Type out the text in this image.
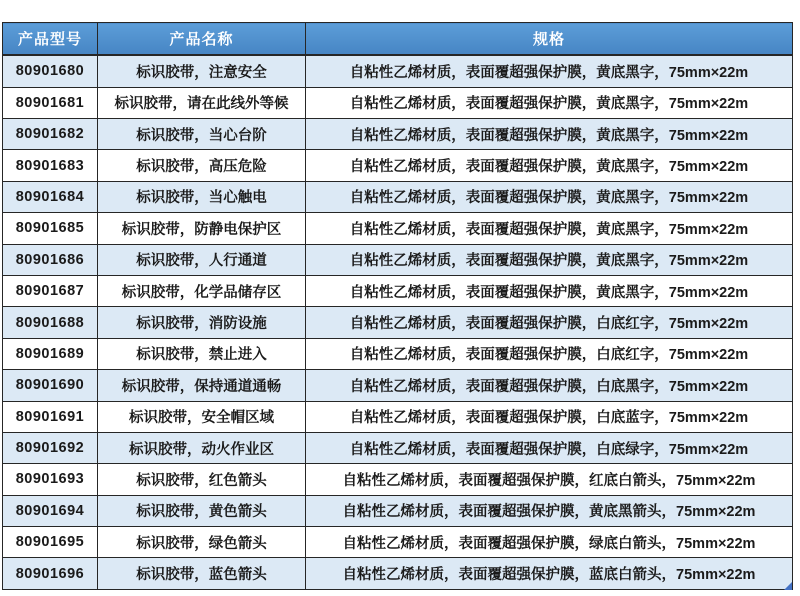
产品型号	产品名称	规格
80901680	标识胶带，注意安全	自粘性乙烯材质，表面覆超强保护膜，黄底黑字，75mm×22m
80901681	标识胶带，请在此线外等候	自粘性乙烯材质，表面覆超强保护膜，黄底黑字，75mm×22m
80901682	标识胶带，当心台阶	自粘性乙烯材质，表面覆超强保护膜，黄底黑字，75mm×22m
80901683	标识胶带，高压危险	自粘性乙烯材质，表面覆超强保护膜，黄底黑字，75mm×22m
80901684	标识胶带，当心触电	自粘性乙烯材质，表面覆超强保护膜，黄底黑字，75mm×22m
80901685	标识胶带，防静电保护区	自粘性乙烯材质，表面覆超强保护膜，黄底黑字，75mm×22m
80901686	标识胶带，人行通道	自粘性乙烯材质，表面覆超强保护膜，黄底黑字，75mm×22m
80901687	标识胶带，化学品储存区	自粘性乙烯材质，表面覆超强保护膜，黄底黑字，75mm×22m
80901688	标识胶带，消防设施	自粘性乙烯材质，表面覆超强保护膜，白底红字，75mm×22m
80901689	标识胶带，禁止进入	自粘性乙烯材质，表面覆超强保护膜，白底红字，75mm×22m
80901690	标识胶带，保持通道通畅	自粘性乙烯材质，表面覆超强保护膜，白底黑字，75mm×22m
80901691	标识胶带，安全帽区域	自粘性乙烯材质，表面覆超强保护膜，白底蓝字，75mm×22m
80901692	标识胶带，动火作业区	自粘性乙烯材质，表面覆超强保护膜，白底绿字，75mm×22m
80901693	标识胶带，红色箭头	自粘性乙烯材质，表面覆超强保护膜，红底白箭头，75mm×22m
80901694	标识胶带，黄色箭头	自粘性乙烯材质，表面覆超强保护膜，黄底黑箭头，75mm×22m
80901695	标识胶带，绿色箭头	自粘性乙烯材质，表面覆超强保护膜，绿底白箭头，75mm×22m
80901696	标识胶带，蓝色箭头	自粘性乙烯材质，表面覆超强保护膜，蓝底白箭头，75mm×22m
